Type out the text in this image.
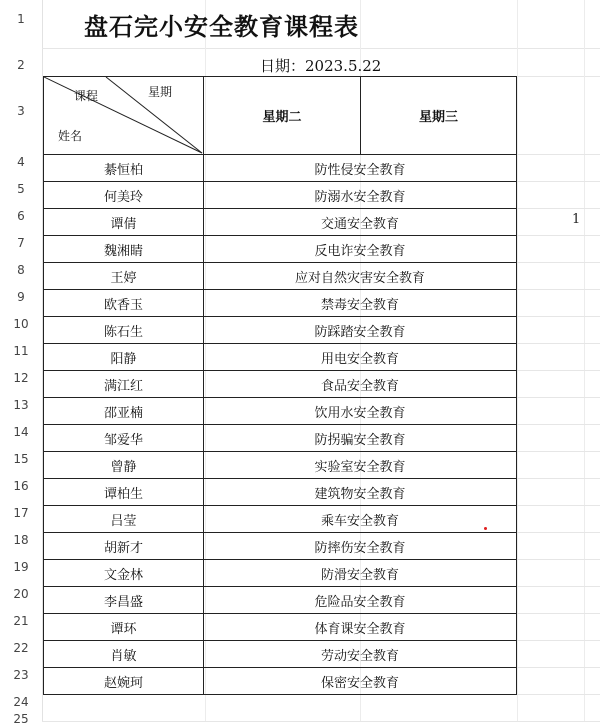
1
2
3
4
5
6
7
8
9
10
11
12
13
14
15
16
17
18
19
20
21
22
23
24
25
盘石完小安全教育课程表
日期：2023.5.22
1
课程	星期
姓名
星期二	星期三
綦恒柏	防性侵安全教育
何美玲	防溺水安全教育
谭倩	交通安全教育
魏湘睛	反电诈安全教育
王婷	应对自然灾害安全教育
欧香玉	禁毒安全教育
陈石生	防踩踏安全教育
阳静	用电安全教育
满江红	食品安全教育
邵亚楠	饮用水安全教育
邹爱华	防拐骗安全教育
曾静	实验室安全教育
谭柏生	建筑物安全教育
吕莹	乘车安全教育
胡新才	防摔伤安全教育
文金林	防滑安全教育
李昌盛	危险品安全教育
谭环	体育课安全教育
肖敏	劳动安全教育
赵婉珂	保密安全教育
